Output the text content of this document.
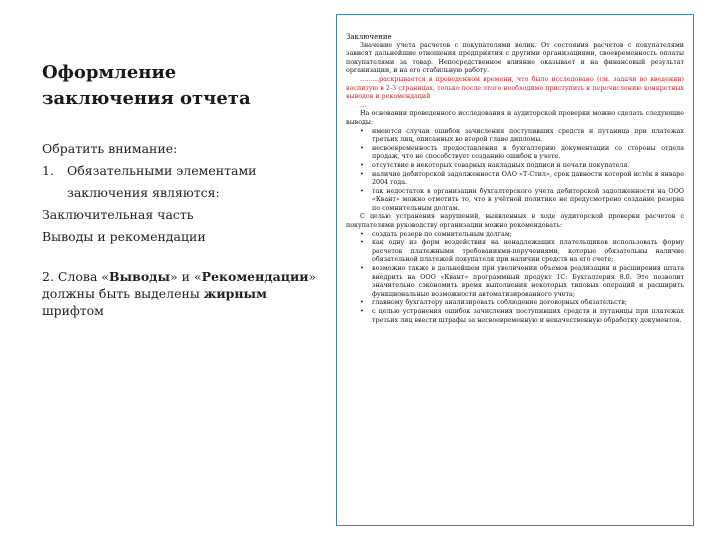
Оформление
заключения отчета

Обратить внимание:

1.	Обязательными элементами

заключения являются:

Заключительная часть

Выводы и рекомендации

2. Слова «Выводы» и «Рекомендации» должны быть выделены жирным шрифтом

Заключение

Значение учета расчетов с покупателями велик. От состояния расчетов с покупателями зависят дальнейшие отношения предприятия с другими организациями, своевременность оплаты покупателями за товар. Непосредственное влияние оказывает и на финансовый результат организации, и на его стабильную работу.

………раскрывается в проведенном времени, что было исследовано (см. задачи во введении) воспитую в 2-3 страницах, только после этого необходимо приступить к перечислению конкретных выводов и рекомендаций

…

На основании проведенного исследования и аудиторской проверки можно сделать следующие выводы:

• имеются случаи ошибок зачисления поступивших средств и путаница при платежах третьих лиц, описанных во второй главе дипломы.

• несвоевременность предоставления в бухгалтерию документации со стороны отдела продаж, что не способствует созданию ошибок в учете.

• отсутствие в некоторых товарных накладных подписи и печати покупателя.

• наличие дебиторской задолженности ОАО «Т-Стил», срок давности которой истёк в январе 2004 года.

• так недостаток в организации бухгалтерского учета дебиторской задолженности на ООО «Квант» можно отметить то, что в учётной политике не предусмотрено создание резерва по сомнительным долгам.

С целью устранения нарушений, выявленных в ходе аудиторской проверки расчетов с покупателями руководству организации можно рекомендовать:

• создать резерв по сомнительным долгам;

• как одну из форм воздействия на ненадлежащих плательщиков использовать форму расчетов платежными требованиями-поручениями, которые обязательны наличие обязательной платежей покупателя при наличии средств на его счете;

• возможно также в дальнейшем при увеличении объемов реализации и расширения штата внедрить на ООО «Квант» программный продукт 1С: Бухгалтерия 8.0. Это позволит значительно сэкономить время выполнения некоторых типовых операций и расширить функциональные возможности автоматизированного учета;

• главному бухгалтеру анализировать соблюдение договорных обязательств;

• с целью устранения ошибок зачисления поступивших средств и путаницы при платежах третьих лиц ввести штрафы за несвоевременную и некачественную обработку документов.
